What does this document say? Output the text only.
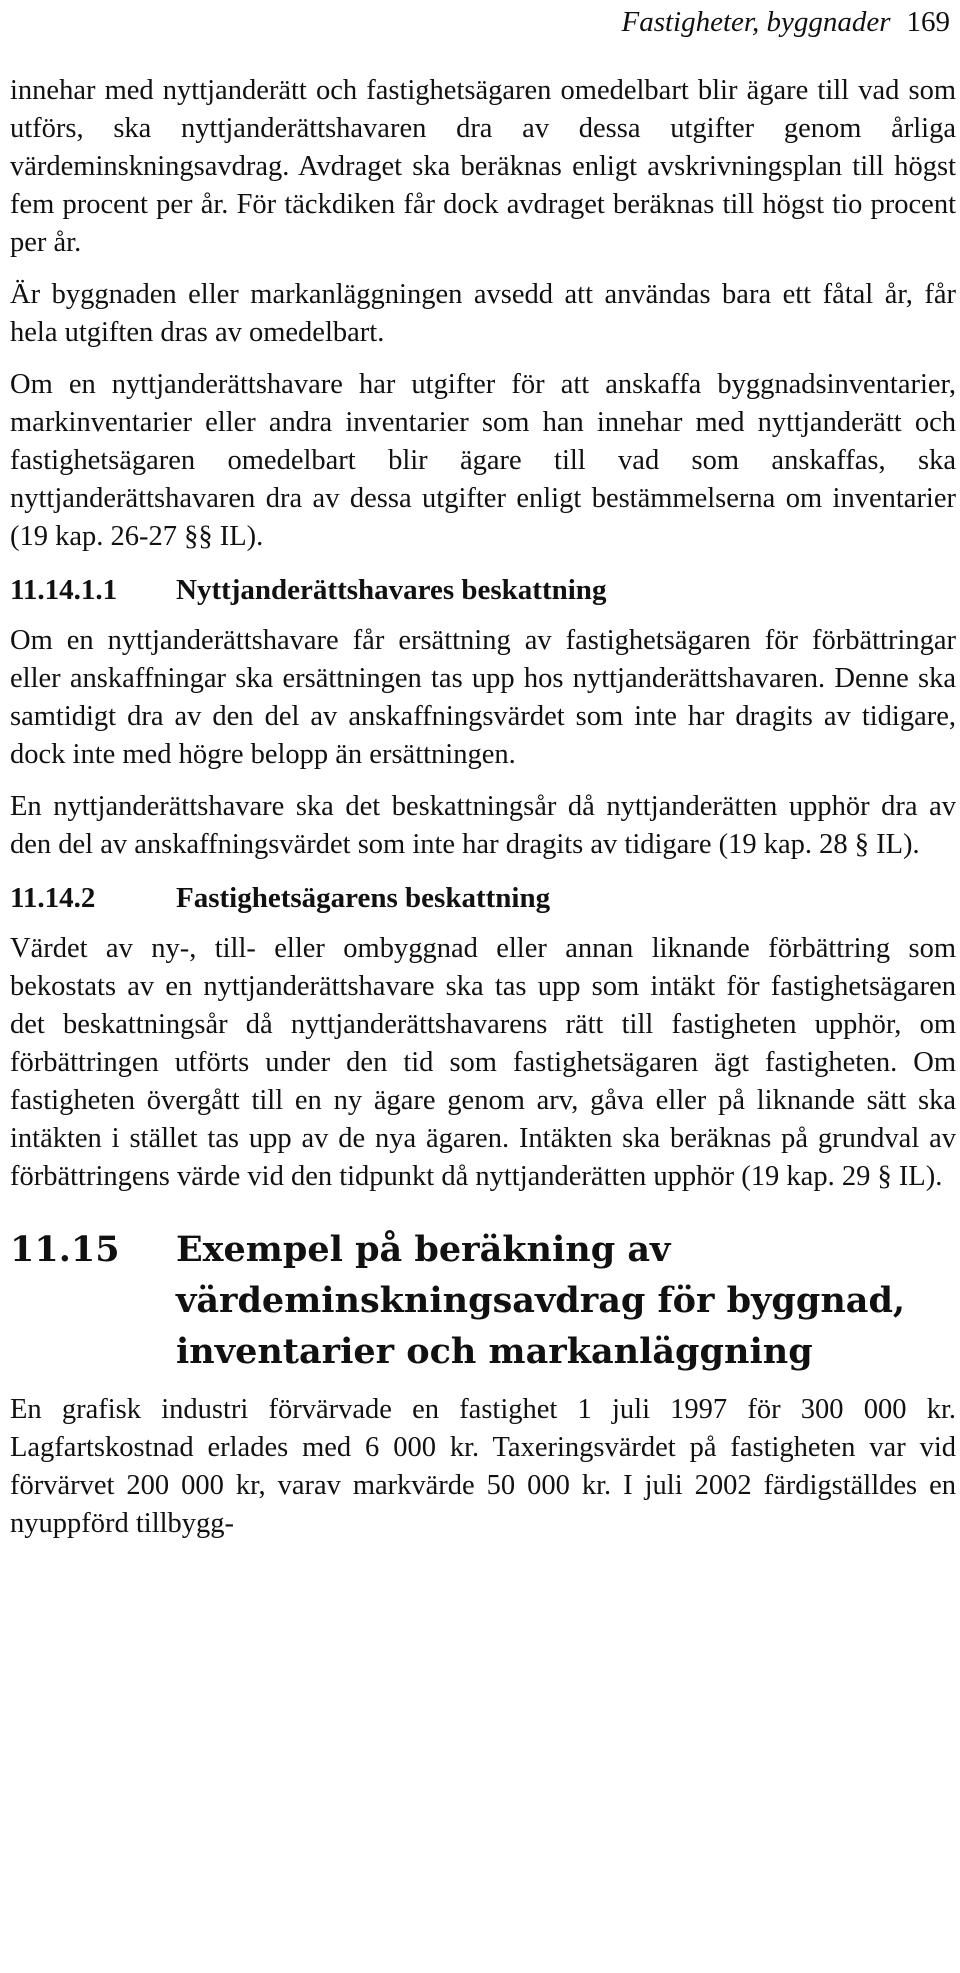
Fastigheter, byggnader 169

innehar med nyttjanderätt och fastighetsägaren omedelbart blir ägare till vad som utförs, ska nyttjanderättshavaren dra av dessa utgifter genom årliga värdeminskningsavdrag. Avdraget ska beräknas enligt avskrivningsplan till högst fem procent per år. För täckdiken får dock avdraget beräknas till högst tio procent per år.

Är byggnaden eller markanläggningen avsedd att användas bara ett fåtal år, får hela utgiften dras av omedelbart.

Om en nyttjanderättshavare har utgifter för att anskaffa byggnadsinventarier, markinventarier eller andra inventarier som han innehar med nyttjanderätt och fastighetsägaren omedelbart blir ägare till vad som anskaffas, ska nyttjanderättshavaren dra av dessa utgifter enligt bestämmelserna om inventarier (19 kap. 26-27 §§ IL).

11.14.1.1	Nyttjanderättshavares beskattning

Om en nyttjanderättshavare får ersättning av fastighetsägaren för förbättringar eller anskaffningar ska ersättningen tas upp hos nyttjanderättshavaren. Denne ska samtidigt dra av den del av anskaffningsvärdet som inte har dragits av tidigare, dock inte med högre belopp än ersättningen.

En nyttjanderättshavare ska det beskattningsår då nyttjanderätten upphör dra av den del av anskaffningsvärdet som inte har dragits av tidigare (19 kap. 28 § IL).

11.14.2	Fastighetsägarens beskattning

Värdet av ny-, till- eller ombyggnad eller annan liknande förbättring som bekostats av en nyttjanderättshavare ska tas upp som intäkt för fastighetsägaren det beskattningsår då nyttjanderättshavarens rätt till fastigheten upphör, om förbättringen utförts under den tid som fastighetsägaren ägt fastigheten. Om fastigheten övergått till en ny ägare genom arv, gåva eller på liknande sätt ska intäkten i stället tas upp av de nya ägaren. Intäkten ska beräknas på grundval av förbättringens värde vid den tidpunkt då nyttjanderätten upphör (19 kap. 29 § IL).

11.15	Exempel på beräkning av värdeminskningsavdrag för byggnad, inventarier och markanläggning

En grafisk industri förvärvade en fastighet 1 juli 1997 för 300 000 kr. Lagfartskostnad erlades med 6 000 kr. Taxeringsvärdet på fastigheten var vid förvärvet 200 000 kr, varav markvärde 50 000 kr. I juli 2002 färdigställdes en nyuppförd tillbygg-
